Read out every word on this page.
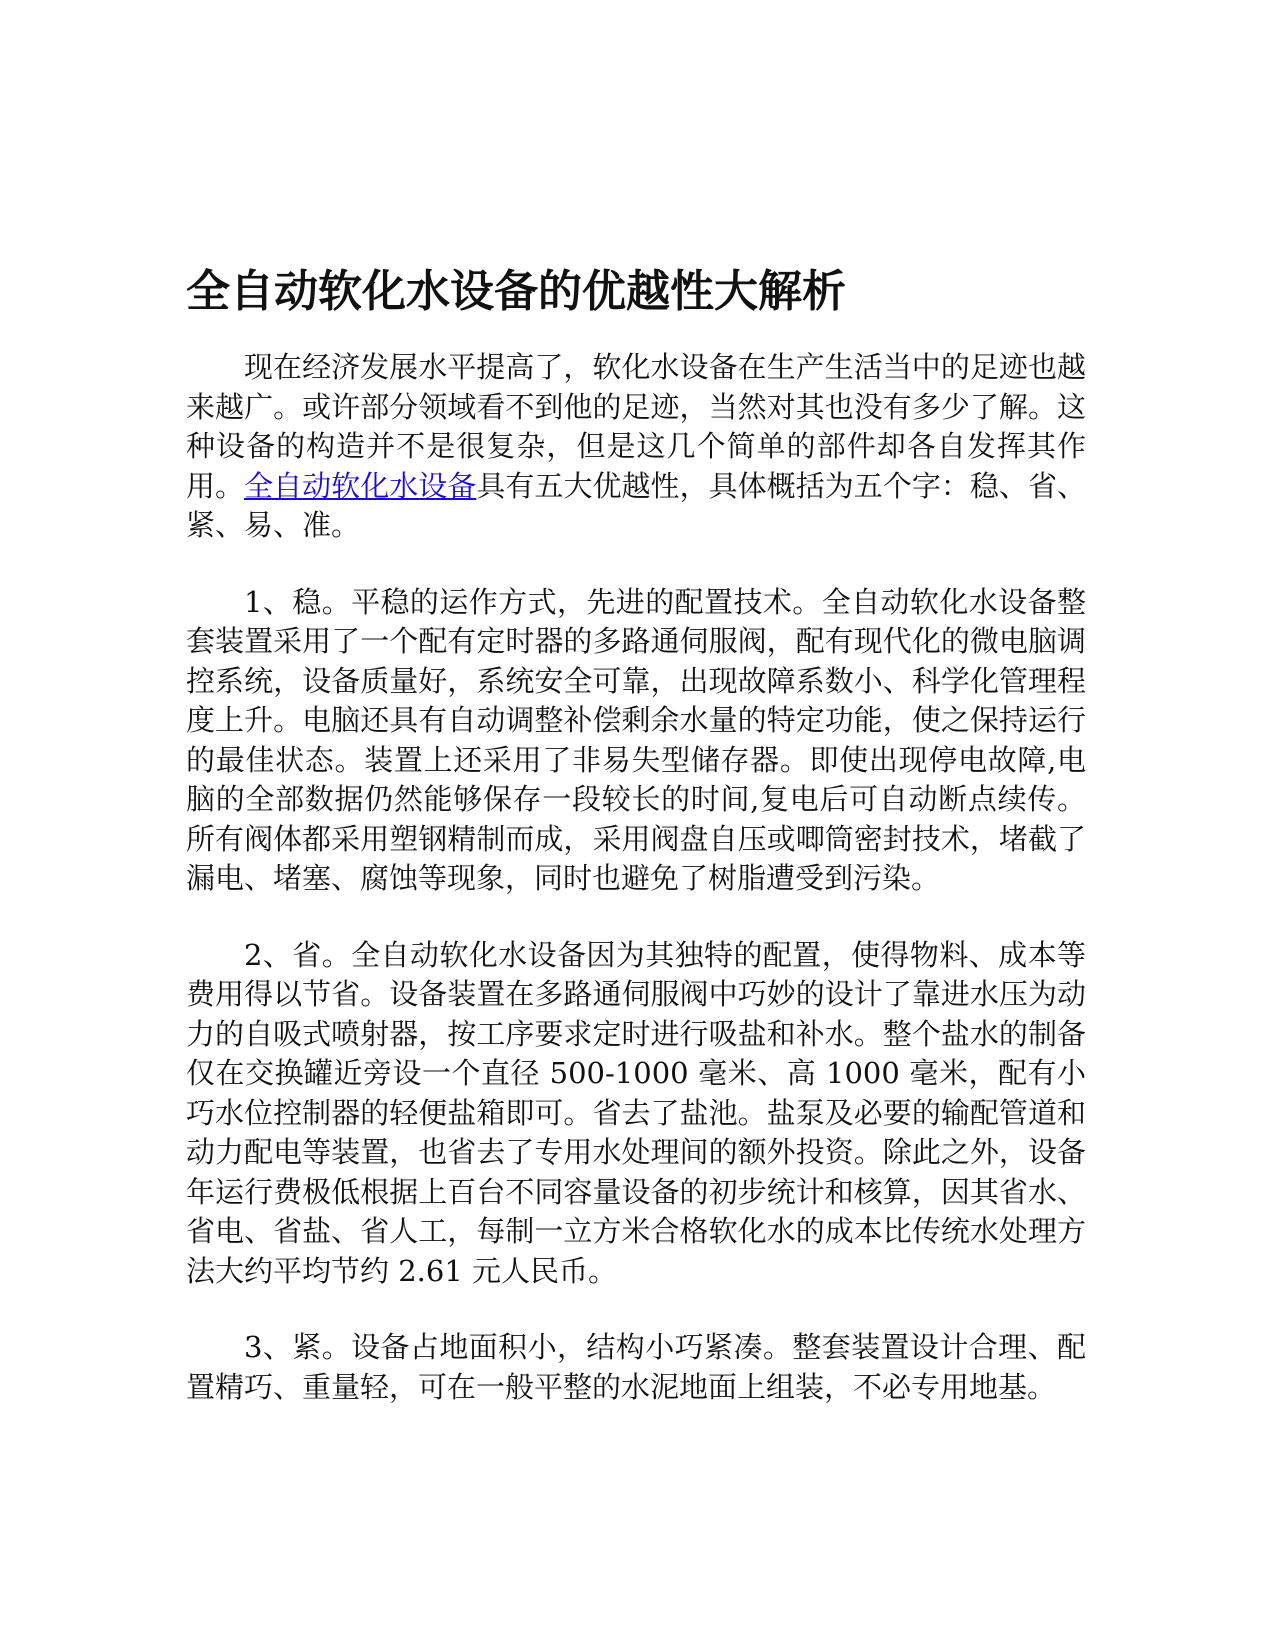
全自动软化水设备的优越性大解析

现在经济发展水平提高了，软化水设备在生产生活当中的足迹也越来越广。或许部分领域看不到他的足迹，当然对其也没有多少了解。这种设备的构造并不是很复杂，但是这几个简单的部件却各自发挥其作用。全自动软化水设备具有五大优越性，具体概括为五个字：稳、省、紧、易、准。

1、稳。平稳的运作方式，先进的配置技术。全自动软化水设备整套装置采用了一个配有定时器的多路通伺服阀，配有现代化的微电脑调控系统，设备质量好，系统安全可靠，出现故障系数小、科学化管理程度上升。电脑还具有自动调整补偿剩余水量的特定功能，使之保持运行的最佳状态。装置上还采用了非易失型储存器。即使出现停电故障,电脑的全部数据仍然能够保存一段较长的时间,复电后可自动断点续传。所有阀体都采用塑钢精制而成，采用阀盘自压或唧筒密封技术，堵截了漏电、堵塞、腐蚀等现象，同时也避免了树脂遭受到污染。

2、省。全自动软化水设备因为其独特的配置，使得物料、成本等费用得以节省。设备装置在多路通伺服阀中巧妙的设计了靠进水压为动力的自吸式喷射器，按工序要求定时进行吸盐和补水。整个盐水的制备仅在交换罐近旁设一个直径 500-1000 毫米、高 1000 毫米，配有小巧水位控制器的轻便盐箱即可。省去了盐池。盐泵及必要的输配管道和动力配电等装置，也省去了专用水处理间的额外投资。除此之外，设备年运行费极低根据上百台不同容量设备的初步统计和核算，因其省水、省电、省盐、省人工，每制一立方米合格软化水的成本比传统水处理方法大约平均节约 2.61 元人民币。

3、紧。设备占地面积小，结构小巧紧凑。整套装置设计合理、配置精巧、重量轻，可在一般平整的水泥地面上组装，不必专用地基。
